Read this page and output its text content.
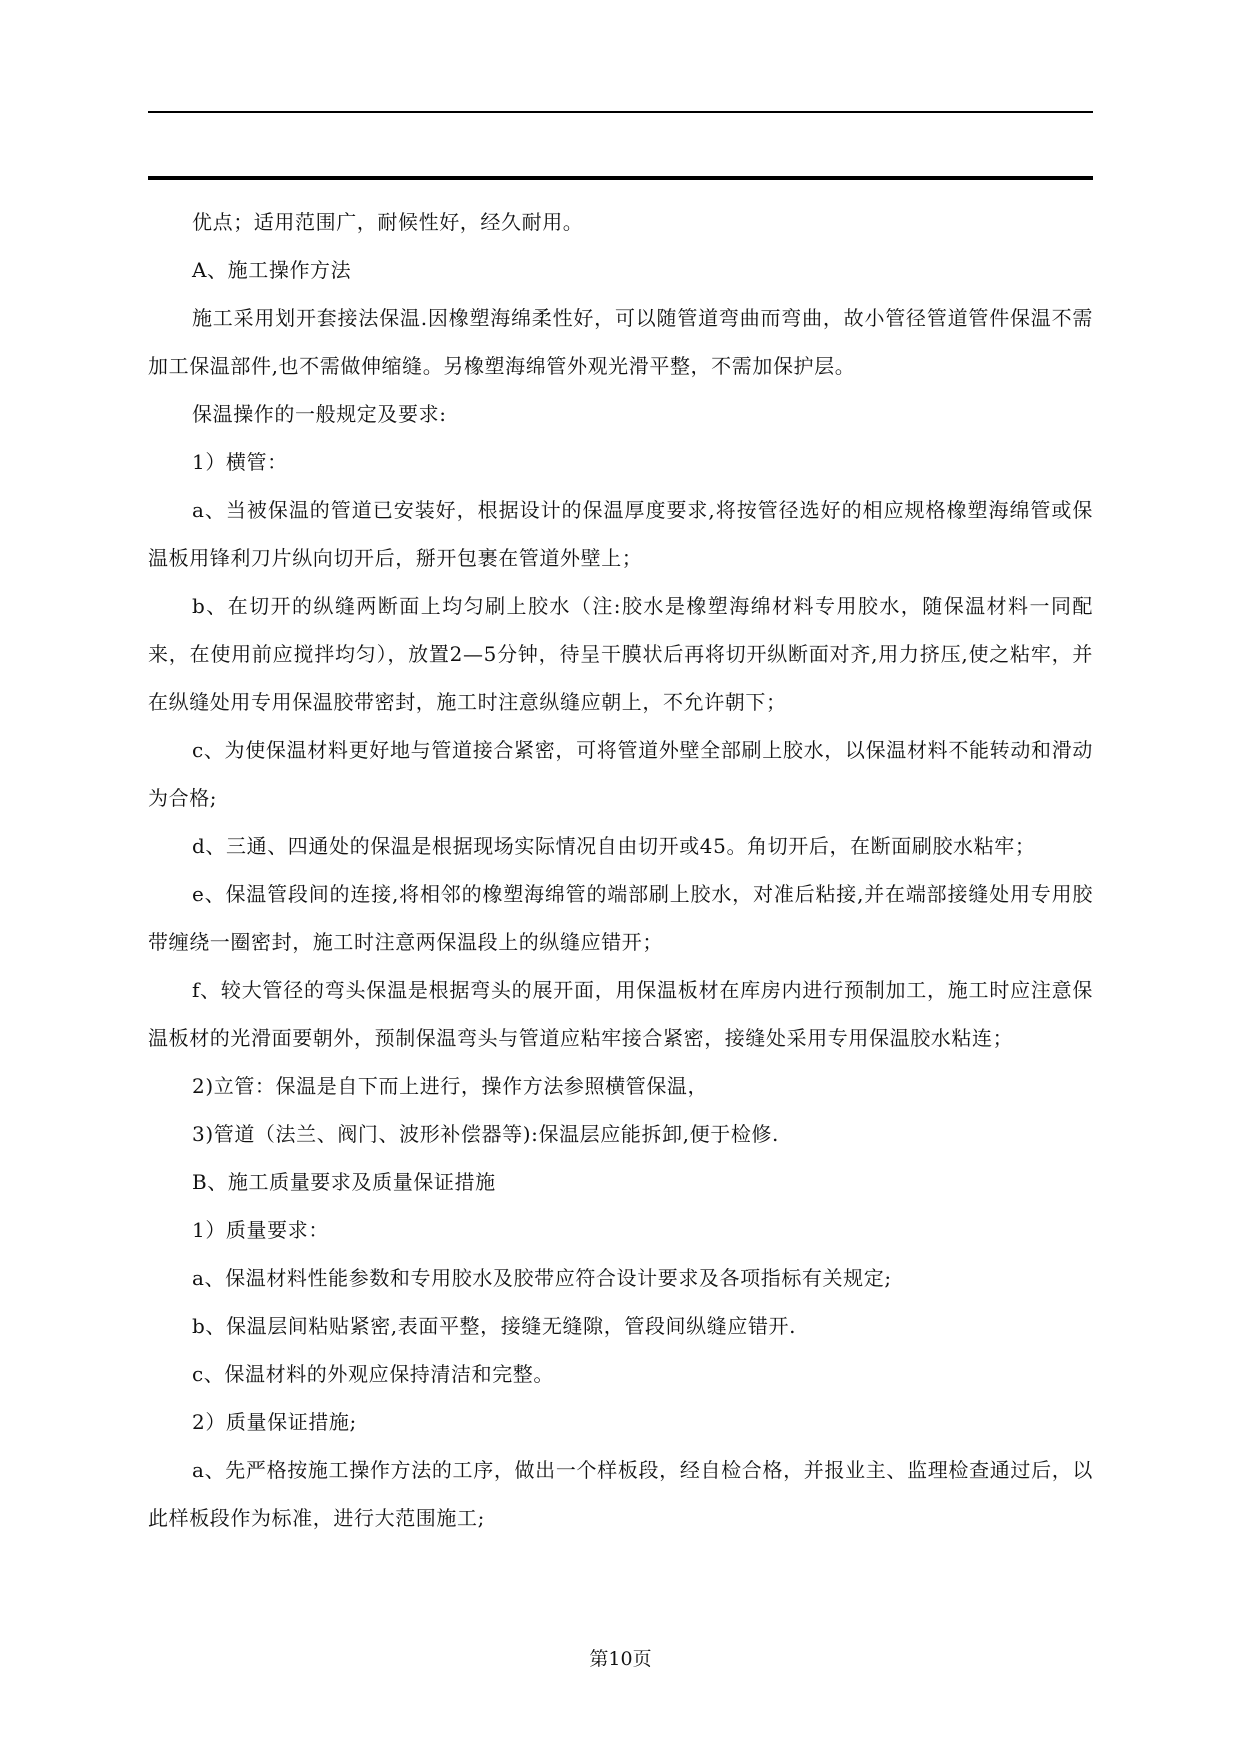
优点；适用范围广，耐候性好，经久耐用。

A、施工操作方法

施工采用划开套接法保温.因橡塑海绵柔性好，可以随管道弯曲而弯曲，故小管径管道管件保温不需加工保温部件,也不需做伸缩缝。另橡塑海绵管外观光滑平整，不需加保护层。

保温操作的一般规定及要求:

1）横管：

a、当被保温的管道已安装好，根据设计的保温厚度要求,将按管径选好的相应规格橡塑海绵管或保温板用锋利刀片纵向切开后，掰开包裹在管道外壁上；

b、在切开的纵缝两断面上均匀刷上胶水（注:胶水是橡塑海绵材料专用胶水，随保温材料一同配来，在使用前应搅拌均匀），放置2—5分钟，待呈干膜状后再将切开纵断面对齐,用力挤压,使之粘牢，并在纵缝处用专用保温胶带密封，施工时注意纵缝应朝上，不允许朝下；

c、为使保温材料更好地与管道接合紧密，可将管道外壁全部刷上胶水，以保温材料不能转动和滑动为合格;

d、三通、四通处的保温是根据现场实际情况自由切开或45。角切开后，在断面刷胶水粘牢；

e、保温管段间的连接,将相邻的橡塑海绵管的端部刷上胶水，对准后粘接,并在端部接缝处用专用胶带缠绕一圈密封，施工时注意两保温段上的纵缝应错开；

f、较大管径的弯头保温是根据弯头的展开面，用保温板材在库房内进行预制加工，施工时应注意保温板材的光滑面要朝外，预制保温弯头与管道应粘牢接合紧密，接缝处采用专用保温胶水粘连；

2)立管：保温是自下而上进行，操作方法参照横管保温，

3)管道（法兰、阀门、波形补偿器等):保温层应能拆卸,便于检修.

B、施工质量要求及质量保证措施

1）质量要求：

a、保温材料性能参数和专用胶水及胶带应符合设计要求及各项指标有关规定;

b、保温层间粘贴紧密,表面平整，接缝无缝隙，管段间纵缝应错开.

c、保温材料的外观应保持清洁和完整。

2）质量保证措施;

a、先严格按施工操作方法的工序，做出一个样板段，经自检合格，并报业主、监理检查通过后，以此样板段作为标准，进行大范围施工;

第10页
